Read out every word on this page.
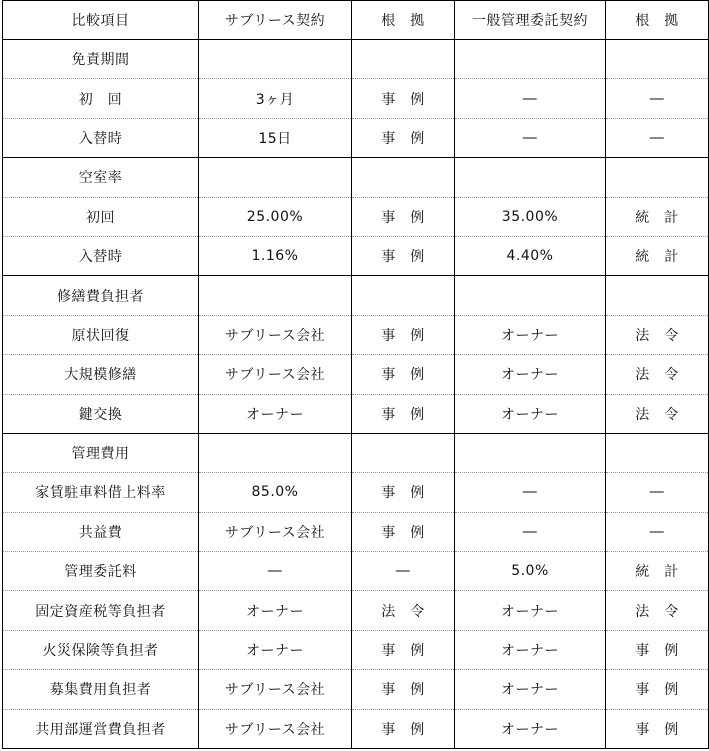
比較項目	サブリース契約	根　拠	一般管理委託契約	根　拠
免責期間				
初　回	3ヶ月	事　例	―	―
入替時	15日	事　例	―	―
空室率				
初回	25.00%	事　例	35.00%	統　計
入替時	1.16%	事　例	4.40%	統　計
修繕費負担者				
原状回復	サブリース会社	事　例	オーナー	法　令
大規模修繕	サブリース会社	事　例	オーナー	法　令
鍵交換	オーナー	事　例	オーナー	法　令
管理費用				
家賃駐車料借上料率	85.0%	事　例	―	―
共益費	サブリース会社	事　例	―	―
管理委託料	―	―	5.0%	統　計
固定資産税等負担者	オーナー	法　令	オーナー	法　令
火災保険等負担者	オーナー	事　例	オーナー	事　例
募集費用負担者	サブリース会社	事　例	オーナー	事　例
共用部運営費負担者	サブリース会社	事　例	オーナー	事　例
